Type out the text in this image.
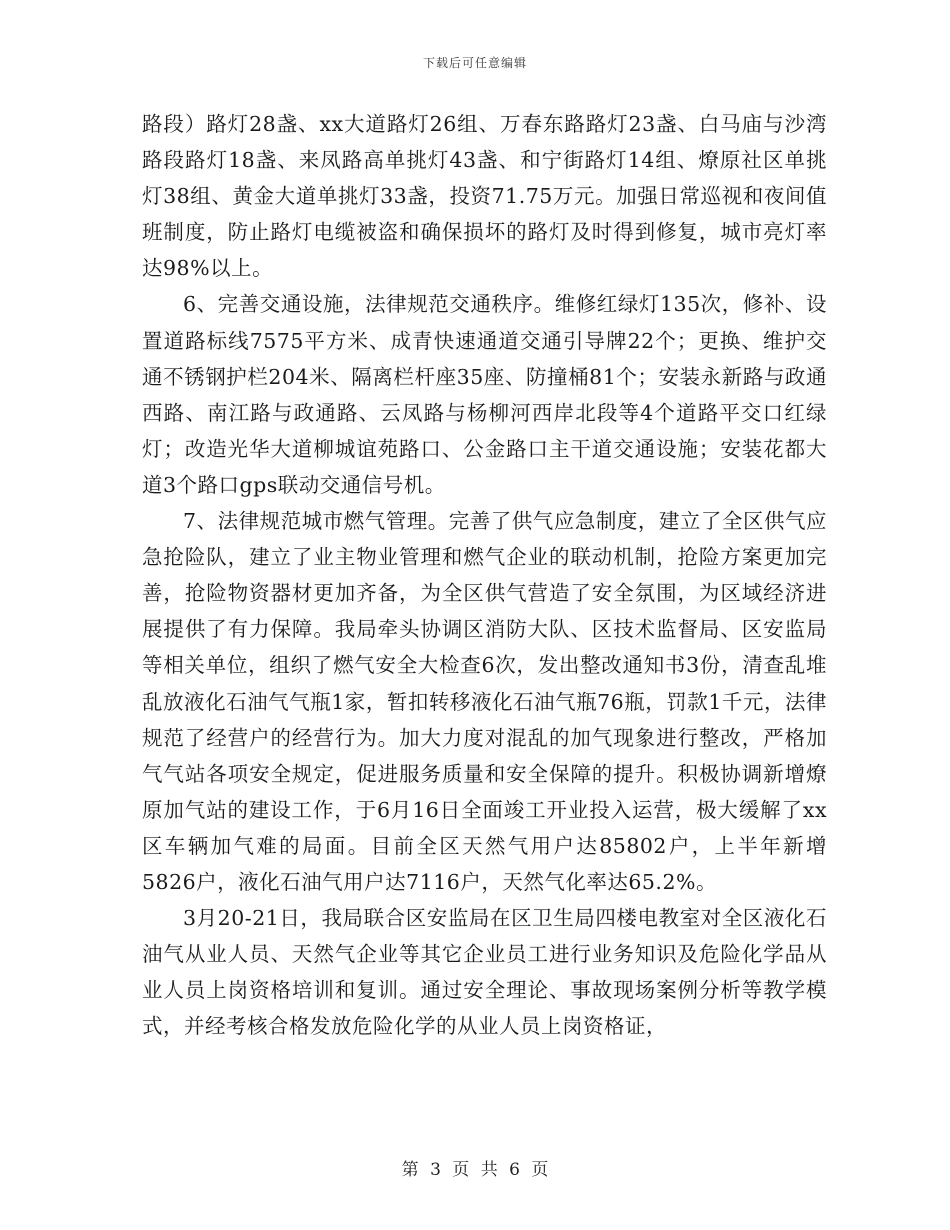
下载后可任意编辑

路段）路灯28盏、xx大道路灯26组、万春东路路灯23盏、白马庙与沙湾路段路灯18盏、来凤路高单挑灯43盏、和宁街路灯14组、燎原社区单挑灯38组、黄金大道单挑灯33盏，投资71.75万元。加强日常巡视和夜间值班制度，防止路灯电缆被盗和确保损坏的路灯及时得到修复，城市亮灯率达98%以上。

6、完善交通设施，法律规范交通秩序。维修红绿灯135次，修补、设置道路标线7575平方米、成青快速通道交通引导牌22个；更换、维护交通不锈钢护栏204米、隔离栏杆座35座、防撞桶81个；安装永新路与政通西路、南江路与政通路、云凤路与杨柳河西岸北段等4个道路平交口红绿灯；改造光华大道柳城谊苑路口、公金路口主干道交通设施；安装花都大道3个路口gps联动交通信号机。

7、法律规范城市燃气管理。完善了供气应急制度，建立了全区供气应急抢险队，建立了业主物业管理和燃气企业的联动机制，抢险方案更加完善，抢险物资器材更加齐备，为全区供气营造了安全氛围，为区域经济进展提供了有力保障。我局牵头协调区消防大队、区技术监督局、区安监局等相关单位，组织了燃气安全大检查6次，发出整改通知书3份，清查乱堆乱放液化石油气气瓶1家，暂扣转移液化石油气瓶76瓶，罚款1千元，法律规范了经营户的经营行为。加大力度对混乱的加气现象进行整改，严格加气气站各项安全规定，促进服务质量和安全保障的提升。积极协调新增燎原加气站的建设工作，于6月16日全面竣工开业投入运营，极大缓解了xx区车辆加气难的局面。目前全区天然气用户达85802户，上半年新增5826户，液化石油气用户达7116户，天然气化率达65.2%。

3月20-21日，我局联合区安监局在区卫生局四楼电教室对全区液化石油气从业人员、天然气企业等其它企业员工进行业务知识及危险化学品从业人员上岗资格培训和复训。通过安全理论、事故现场案例分析等教学模式，并经考核合格发放危险化学的从业人员上岗资格证，

第 3 页 共 6 页
